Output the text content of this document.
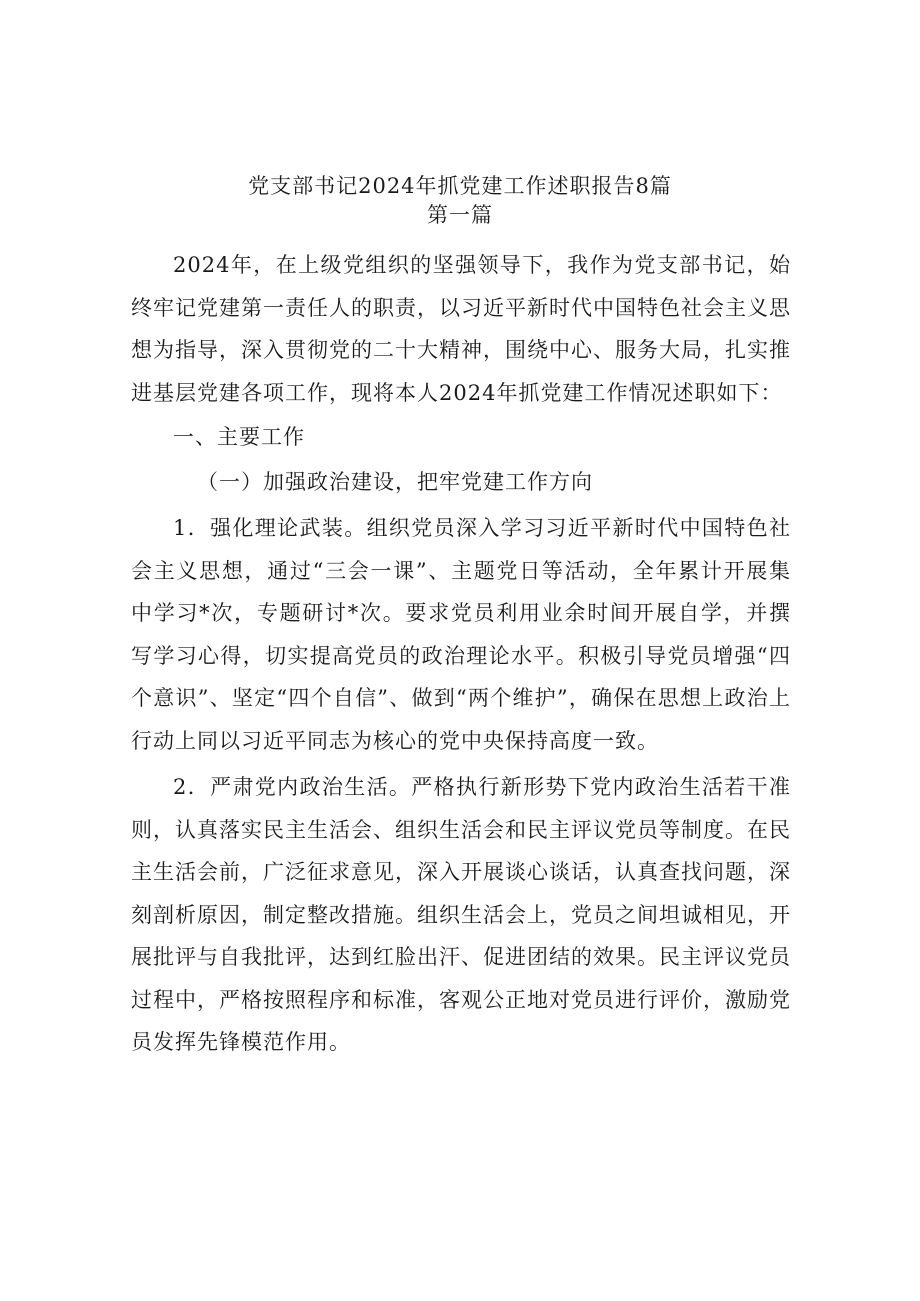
党支部书记2024年抓党建工作述职报告8篇
第一篇

2024年，在上级党组织的坚强领导下，我作为党支部书记，始终牢记党建第一责任人的职责，以习近平新时代中国特色社会主义思想为指导，深入贯彻党的二十大精神，围绕中心、服务大局，扎实推进基层党建各项工作，现将本人2024年抓党建工作情况述职如下：

一、主要工作

（一）加强政治建设，把牢党建工作方向

1．强化理论武装。组织党员深入学习习近平新时代中国特色社会主义思想，通过“三会一课”、主题党日等活动，全年累计开展集中学习*次，专题研讨*次。要求党员利用业余时间开展自学，并撰写学习心得，切实提高党员的政治理论水平。积极引导党员增强“四个意识”、坚定“四个自信”、做到“两个维护”，确保在思想上政治上行动上同以习近平同志为核心的党中央保持高度一致。

2．严肃党内政治生活。严格执行新形势下党内政治生活若干准则，认真落实民主生活会、组织生活会和民主评议党员等制度。在民主生活会前，广泛征求意见，深入开展谈心谈话，认真查找问题，深刻剖析原因，制定整改措施。组织生活会上，党员之间坦诚相见，开展批评与自我批评，达到红脸出汗、促进团结的效果。民主评议党员过程中，严格按照程序和标准，客观公正地对党员进行评价，激励党员发挥先锋模范作用。
